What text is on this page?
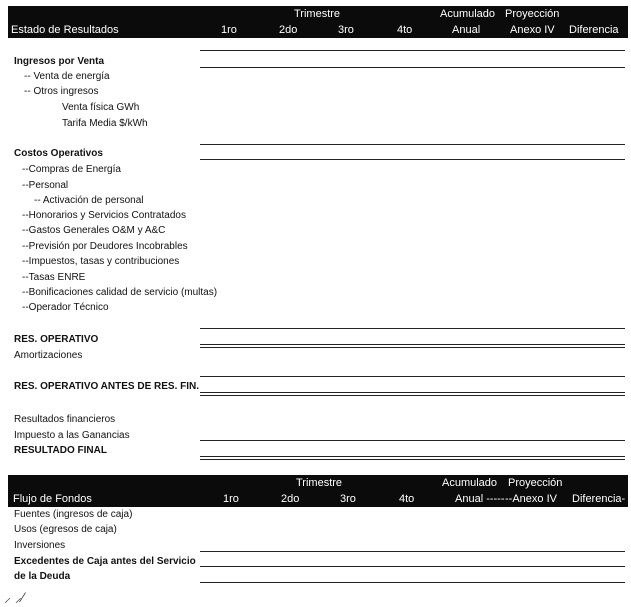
Trimestre	Acumulado Proyección
Estado de Resultados	1ro	2do	3ro	4to	Anual	Anexo IV Diferencia
Ingresos por Venta
-- Venta de energía
-- Otros ingresos
Venta física GWh
Tarifa Media $/kWh
Costos Operativos
--Compras de Energía
--Personal
-- Activación de personal
--Honorarios y Servicios Contratados
--Gastos Generales O&M y A&C
--Previsión por Deudores Incobrables
--Impuestos, tasas y contribuciones
--Tasas ENRE
--Bonificaciones calidad de servicio (multas)
--Operador Técnico
RES. OPERATIVO
Amortizaciones
RES. OPERATIVO ANTES DE RES. FIN.
Resultados financieros
Impuesto a las Ganancias
RESULTADO FINAL
Trimestre	Acumulado Proyección
Flujo de Fondos	1ro	2do	3ro	4to	Anual ----- --Anexo IV Diferencia-
Fuentes (ingresos de caja)
Usos (egresos de caja)
Inversiones
Excedentes de Caja antes del Servicio
de la Deuda
⸝ ⸝⁄
